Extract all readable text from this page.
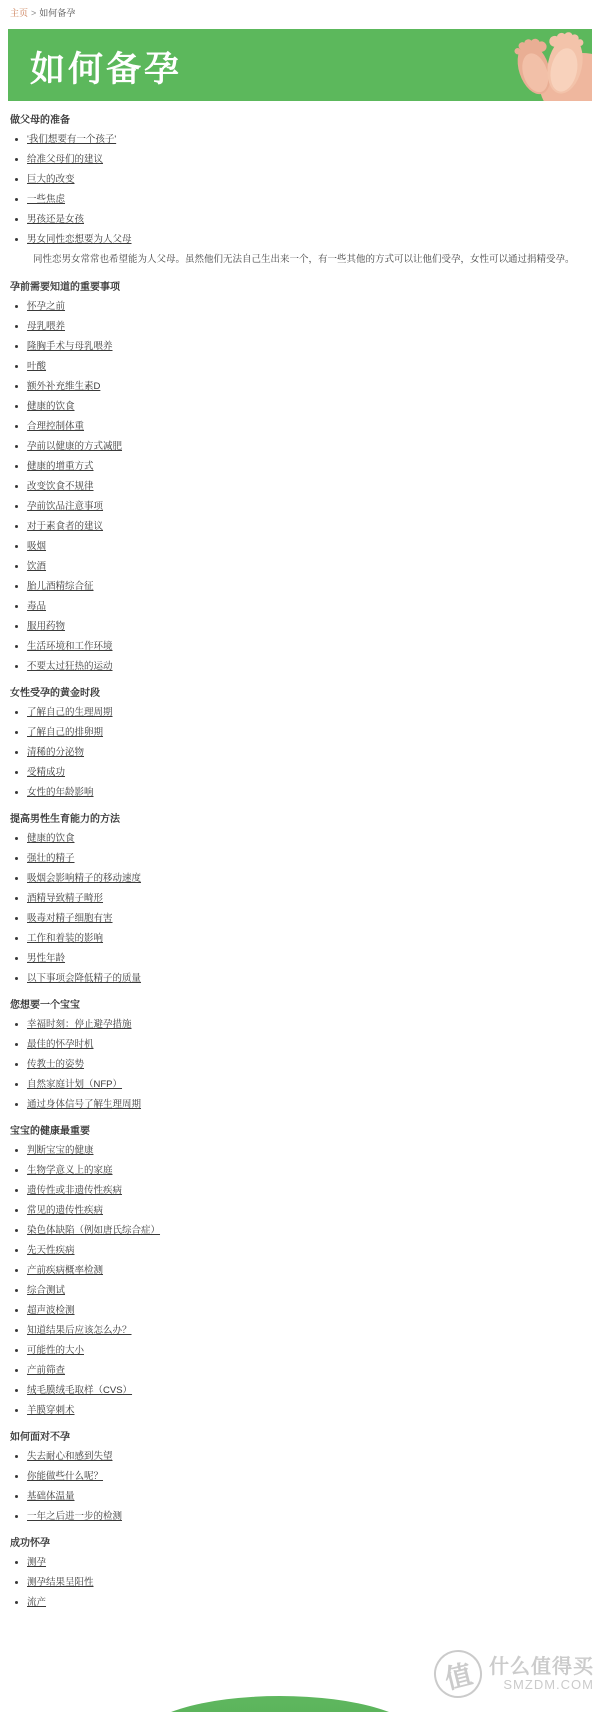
主页 > 如何备孕
如何备孕
做父母的准备
• '我们想要有一个孩子'
• 给准父母们的建议
• 巨大的改变
• 一些焦虑
• 男孩还是女孩
• 男女同性恋想要为人父母

同性恋男女常常也希望能为人父母。虽然他们无法自己生出来一个，有一些其他的方式可以让他们受孕，女性可以通过捐精受孕。

孕前需要知道的重要事项
• 怀孕之前
• 母乳喂养
• 隆胸手术与母乳喂养
• 叶酸
• 额外补充维生素D
• 健康的饮食
• 合理控制体重
• 孕前以健康的方式减肥
• 健康的增重方式
• 改变饮食不规律
• 孕前饮品注意事项
• 对于素食者的建议
• 吸烟
• 饮酒
• 胎儿酒精综合征
• 毒品
• 服用药物
• 生活环境和工作环境
• 不要太过狂热的运动
女性受孕的黄金时段
• 了解自己的生理周期
• 了解自己的排卵期
• 清稀的分泌物
• 受精成功
• 女性的年龄影响
提高男性生育能力的方法
• 健康的饮食
• 强壮的精子
• 吸烟会影响精子的移动速度
• 酒精导致精子畸形
• 吸毒对精子细胞有害
• 工作和着装的影响
• 男性年龄
• 以下事项会降低精子的质量
您想要一个宝宝
• 幸福时刻：停止避孕措施
• 最佳的怀孕时机
• 传教士的姿势
• 自然家庭计划（NFP）
• 通过身体信号了解生理周期
宝宝的健康最重要
• 判断宝宝的健康
• 生物学意义上的家庭
• 遗传性或非遗传性疾病
• 常见的遗传性疾病
• 染色体缺陷（例如唐氏综合症）
• 先天性疾病
• 产前疾病概率检测
• 综合测试
• 超声波检测
• 知道结果后应该怎么办？
• 可能性的大小
• 产前筛查
• 绒毛膜绒毛取样（CVS）
• 羊膜穿刺术
如何面对不孕
• 失去耐心和感到失望
• 你能做些什么呢？
• 基础体温量
• 一年之后进一步的检测
成功怀孕
• 测孕
• 测孕结果呈阳性
• 流产
值 什么值得买
SMZDM.COM
